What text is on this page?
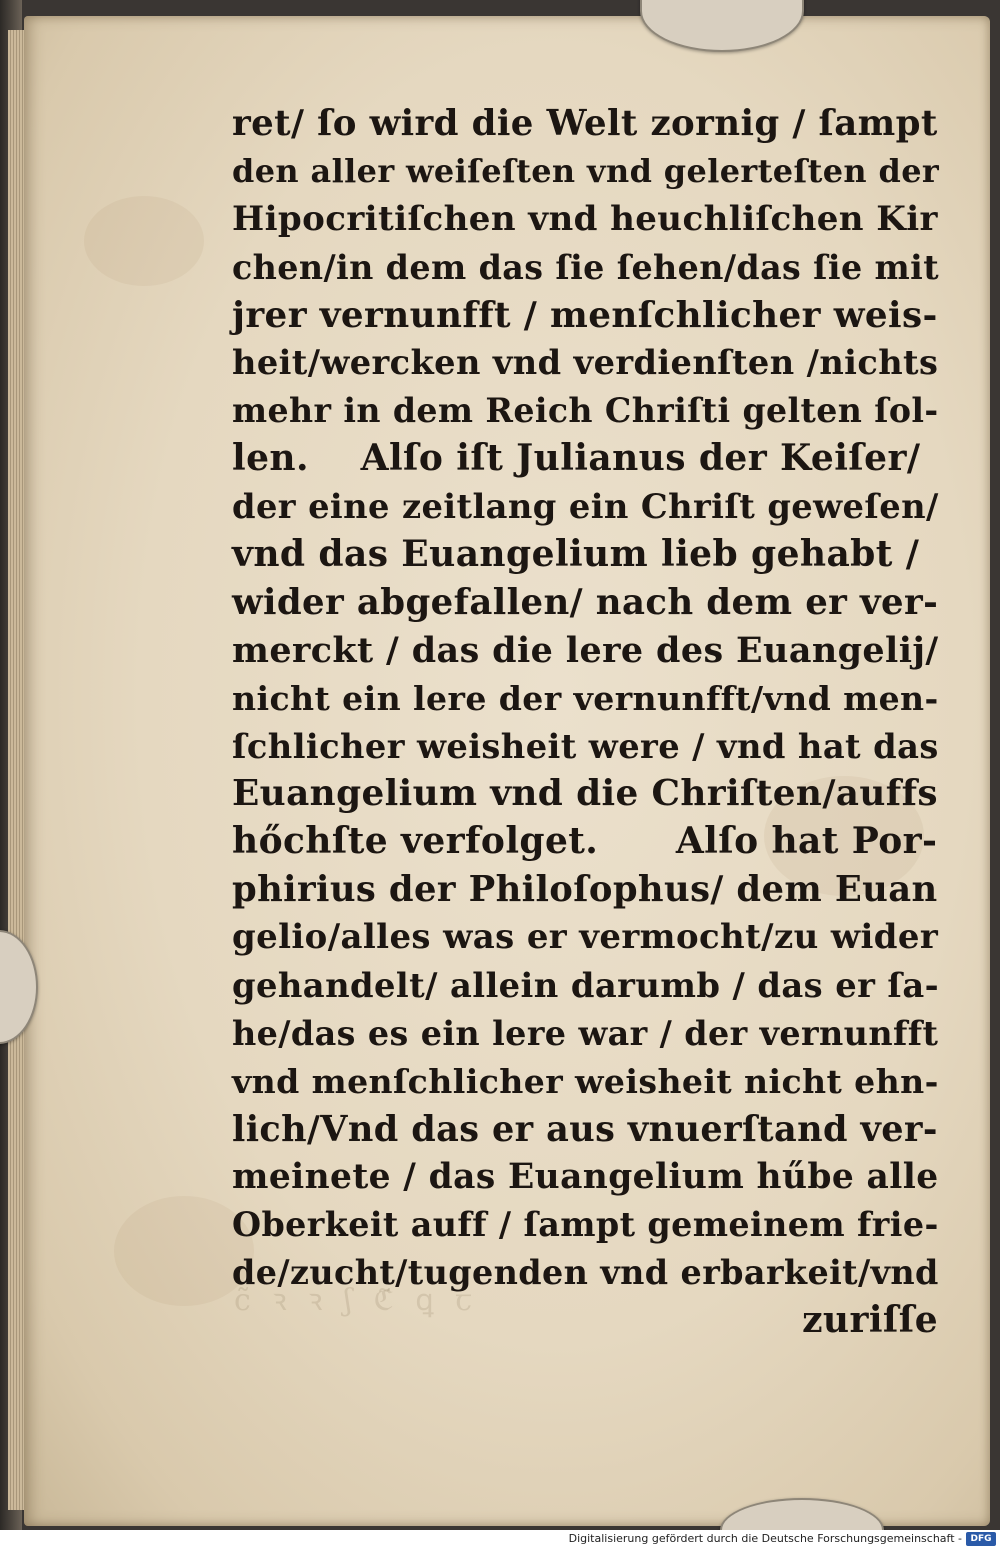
ⅽ̃ ꝛ ꝛ ʃ ℭ̃ ꝗ ꞇ
ret/ ſo wird die Welt zornig / ſampt
den aller weiſeſten vnd gelerteſten der
Hipocritiſchen vnd heuchliſchen Kir
chen/in dem das ſie ſehen/das ſie mit
jrer vernunfft / menſchlicher weis-
heit/wercken vnd verdienſten /nichts
mehr in dem Reich Chriſti gelten ſol-
len.    Alſo iſt Julianus der Keiſer/
der eine zeitlang ein Chriſt geweſen/
vnd das Euangelium lieb gehabt /
wider abgefallen/ nach dem er ver-
merckt / das die lere des Euangelij/
nicht ein lere der vernunfft/vnd men-
ſchlicher weisheit were / vnd hat das
Euangelium vnd die Chriſten/auffs
hőchſte verfolget.      Alſo hat Por-
phirius der Philoſophus/ dem Euan
gelio/alles was er vermocht/zu wider
gehandelt/ allein darumb / das er ſa-
he/das es ein lere war / der vernunfft
vnd menſchlicher weisheit nicht ehn-
lich/Vnd das er aus vnuerſtand ver-
meinete / das Euangelium hűbe alle
Oberkeit auff / ſampt gemeinem frie-
de/zucht/tugenden vnd erbarkeit/vnd
zuriſſe
Digitalisierung gefördert durch die Deutsche Forschungsgemeinschaft - DFG
